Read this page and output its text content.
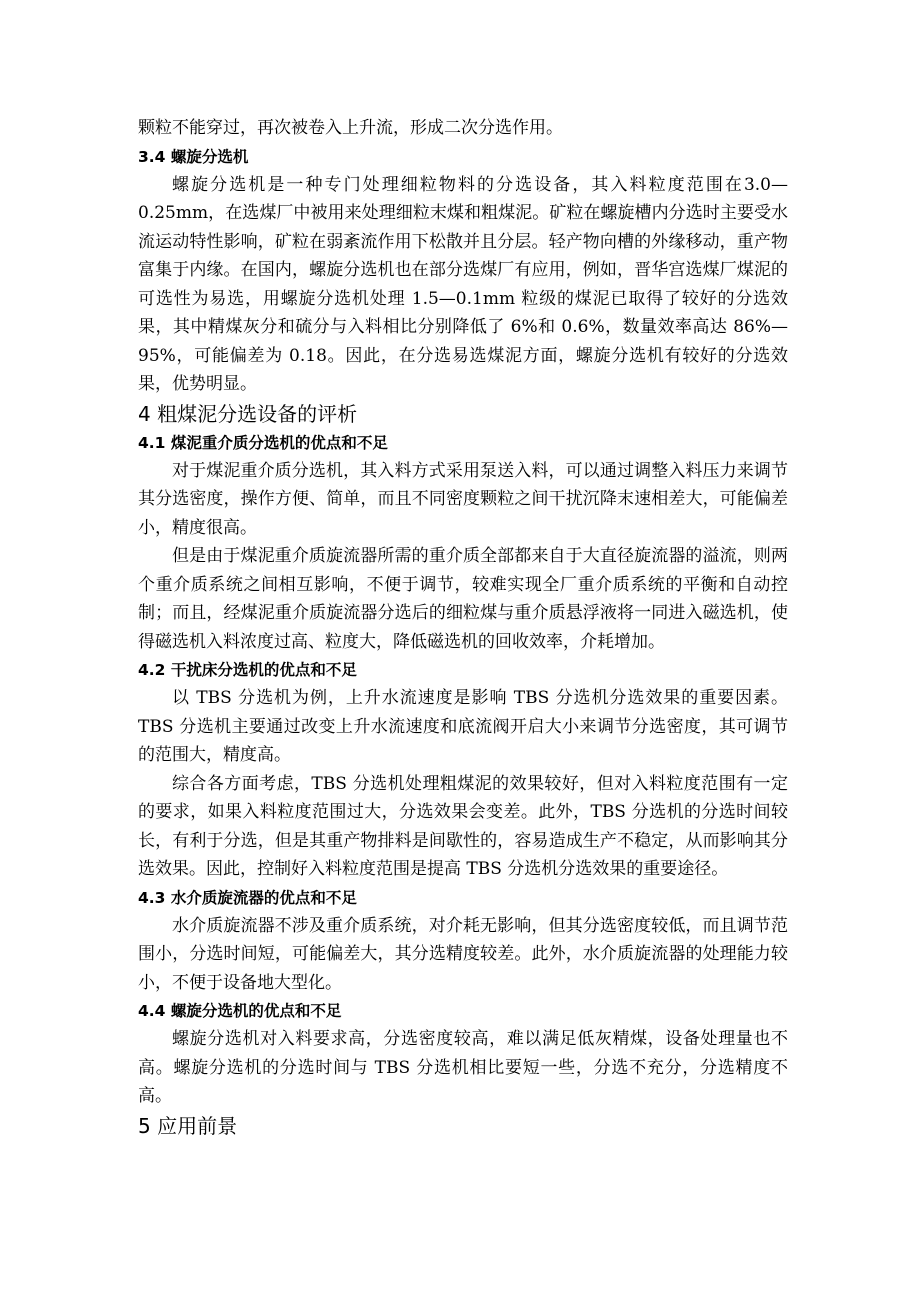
颗粒不能穿过，再次被卷入上升流，形成二次分选作用。

3.4 螺旋分选机

螺旋分选机是一种专门处理细粒物料的分选设备，其入料粒度范围在3.0—0.25mm，在选煤厂中被用来处理细粒末煤和粗煤泥。矿粒在螺旋槽内分选时主要受水流运动特性影响，矿粒在弱紊流作用下松散并且分层。轻产物向槽的外缘移动，重产物富集于内缘。在国内，螺旋分选机也在部分选煤厂有应用，例如，晋华宫选煤厂煤泥的可选性为易选，用螺旋分选机处理 1.5—0.1mm 粒级的煤泥已取得了较好的分选效果，其中精煤灰分和硫分与入料相比分别降低了 6%和 0.6%，数量效率高达 86%—95%，可能偏差为 0.18。因此，在分选易选煤泥方面，螺旋分选机有较好的分选效果，优势明显。

4 粗煤泥分选设备的评析
4.1 煤泥重介质分选机的优点和不足

对于煤泥重介质分选机，其入料方式采用泵送入料，可以通过调整入料压力来调节其分选密度，操作方便、简单，而且不同密度颗粒之间干扰沉降末速相差大，可能偏差小，精度很高。

但是由于煤泥重介质旋流器所需的重介质全部都来自于大直径旋流器的溢流，则两个重介质系统之间相互影响，不便于调节，较难实现全厂重介质系统的平衡和自动控制；而且，经煤泥重介质旋流器分选后的细粒煤与重介质悬浮液将一同进入磁选机，使得磁选机入料浓度过高、粒度大，降低磁选机的回收效率，介耗增加。

4.2 干扰床分选机的优点和不足

以 TBS 分选机为例，上升水流速度是影响 TBS 分选机分选效果的重要因素。TBS 分选机主要通过改变上升水流速度和底流阀开启大小来调节分选密度，其可调节的范围大，精度高。

综合各方面考虑，TBS 分选机处理粗煤泥的效果较好，但对入料粒度范围有一定的要求，如果入料粒度范围过大，分选效果会变差。此外，TBS 分选机的分选时间较长，有利于分选，但是其重产物排料是间歇性的，容易造成生产不稳定，从而影响其分选效果。因此，控制好入料粒度范围是提高 TBS 分选机分选效果的重要途径。

4.3 水介质旋流器的优点和不足

水介质旋流器不涉及重介质系统，对介耗无影响，但其分选密度较低，而且调节范围小，分选时间短，可能偏差大，其分选精度较差。此外，水介质旋流器的处理能力较小，不便于设备地大型化。

4.4 螺旋分选机的优点和不足

螺旋分选机对入料要求高，分选密度较高，难以满足低灰精煤，设备处理量也不高。螺旋分选机的分选时间与 TBS 分选机相比要短一些，分选不充分，分选精度不高。

5 应用前景
